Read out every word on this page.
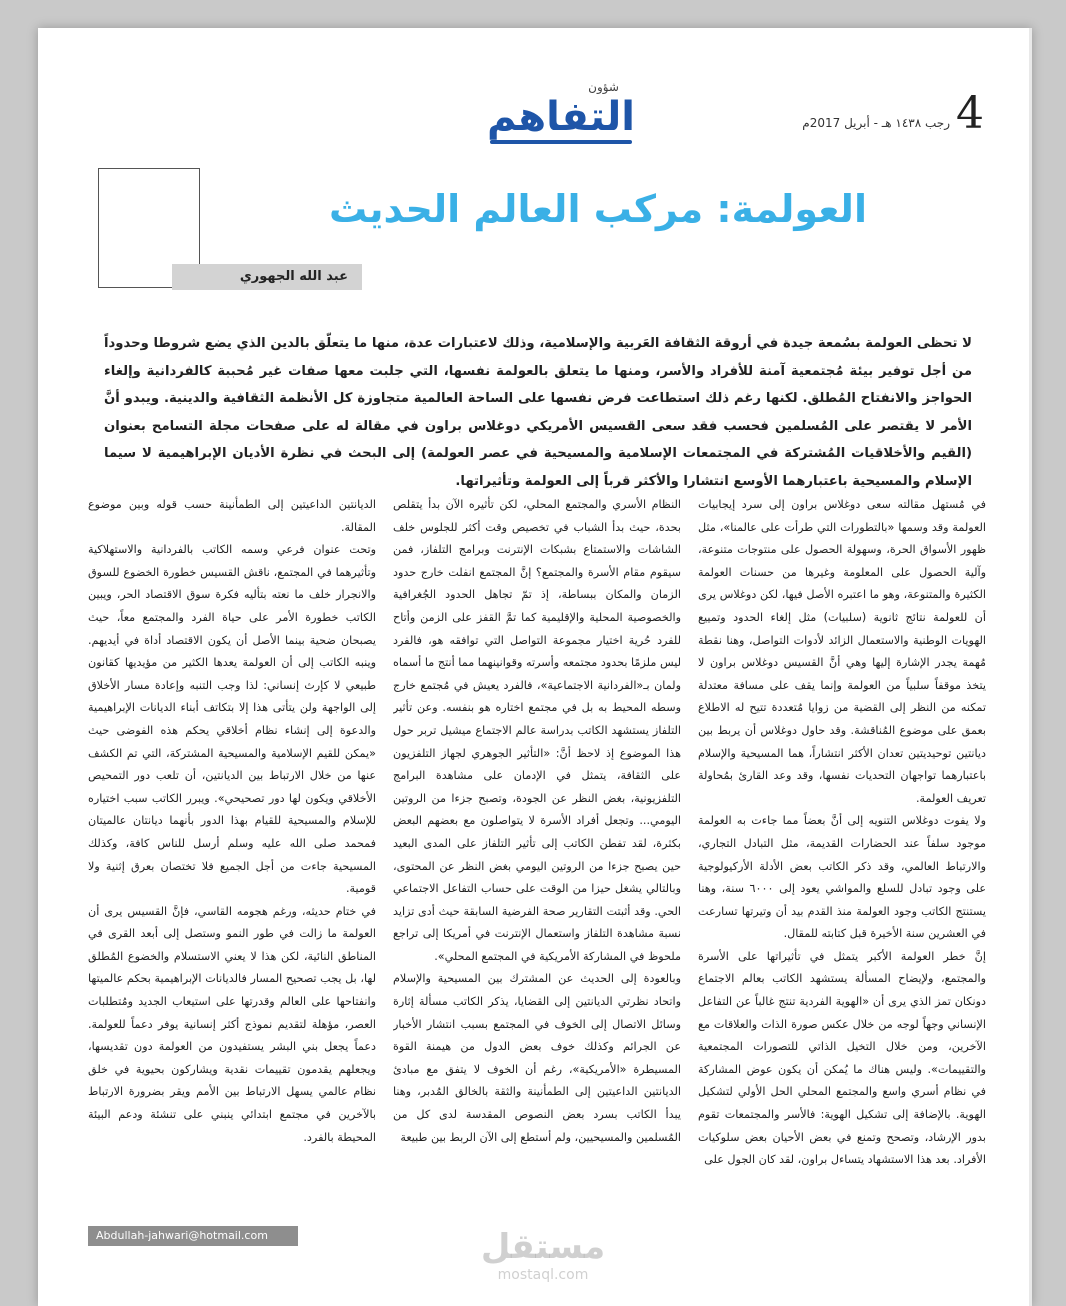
4
رجب ١٤٣٨ هـ - أبريل 2017م
شؤون
التفاهم
عبد الله الجهوري
العولمة: مركب العالم الحديث
لا تحظى العولمة بسُمعة جيدة في أروقة الثقافة العَربية والإسلامية، وذلك لاعتبارات عدة، منها ما يتعلّق بالدين الذي يضع شروطا وحدوداً من أجل توفير بيئة مُجتمعية آمنة للأفراد والأسر، ومنها ما يتعلق بالعولمة نفسها، التي جلبت معها صفات غير مُحببة كالفردانية وإلغاء الحواجز والانفتاح المُطلق. لكنها رغم ذلك استطاعت فرض نفسها على الساحة العالمية متجاوزة كل الأنظمة الثقافية والدينية. ويبدو أنَّ الأمر لا يقتصر على المُسلمين فحسب فقد سعى القسيس الأمريكي دوغلاس براون في مقالة له على صفحات مجلة التسامح بعنوان (القيم والأخلاقيات المُشتركة في المجتمعات الإسلامية والمسيحية في عصر العولمة) إلى البحث في نظرة الأديان الإبراهيمية لا سيما الإسلام والمسيحية باعتبارهما الأوسع انتشارا والأكثر قرباً إلى العولمة وتأثيراتها.

في مُستهل مقالته سعى دوغلاس براون إلى سرد إيجابيات العولمة وقد وسمها «بالتطورات التي طرأت على عالمنا»، مثل ظهور الأسواق الحرة، وسهولة الحصول على منتوجات متنوعة، وآلية الحصول على المعلومة وغيرها من حسنات العولمة الكثيرة والمتنوعة، وهو ما اعتبره الأصل فيها، لكن دوغلاس يرى أن للعولمة نتائج ثانوية (سلبيات) مثل إلغاء الحدود وتمييع الهويات الوطنية والاستعمال الزائد لأدوات التواصل، وهنا نقطة مُهمة يجدر الإشارة إليها وهي أنَّ القسيس دوغلاس براون لا يتخذ موقفاً سلبياً من العولمة وإنما يقف على مسافة معتدلة تمكنه من النظر إلى القضية من زوايا مُتعددة تتيح له الاطلاع بعمق على موضوع المُناقشة. وقد حاول دوغلاس أن يربط بين ديانتين توحيديتين تعدان الأكثر انتشاراً، هما المسيحية والإسلام باعتبارهما تواجهان التحديات نفسها، وقد وعد القارئ بمُحاولة تعريف العولمة.

ولا يفوت دوغلاس التنويه إلى أنَّ بعضاً مما جاءت به العولمة موجود سلفاً عند الحضارات القديمة، مثل التبادل التجاري، والارتباط العالمي، وقد ذكر الكاتب بعض الأدلة الأركيولوجية على وجود تبادل للسلع والمواشي يعود إلى ٦٠٠٠ سنة، وهنا يستنتج الكاتب وجود العولمة منذ القدم بيد أن وتيرتها تسارعت في العشرين سنة الأخيرة قبل كتابته للمقال.

إنَّ خطر العولمة الأكبر يتمثل في تأثيراتها على الأسرة والمجتمع، ولإيضاح المسألة يستشهد الكاتب بعالم الاجتماع دونكان تمز الذي يرى أن «الهوية الفردية تنتج غالباً عن التفاعل الإنساني وجهاً لوجه من خلال عكس صورة الذات والعلاقات مع الآخرين، ومن خلال التخيل الذاتي للتصورات المجتمعية والتقييمات». وليس هناك ما يُمكن أن يكون عوض المشاركة في نظام أسري واسع والمجتمع المحلي الحل الأولي لتشكيل الهوية. بالإضافة إلى تشكيل الهوية: فالأسر والمجتمعات تقوم بدور الإرشاد، وتصحح وتمنع في بعض الأحيان بعض سلوكيات الأفراد. بعد هذا الاستشهاد يتساءل براون، لقد كان الجول على

النظام الأسري والمجتمع المحلي، لكن تأثيره الآن بدأ يتقلص بحدة، حيث بدأ الشباب في تخصيص وقت أكثر للجلوس خلف الشاشات والاستمتاع بشبكات الإنترنت وبرامج التلفاز، فمن سيقوم مقام الأسرة والمجتمع؟ إنَّ المجتمع انفلت خارج حدود الزمان والمكان ببساطة، إذ تمّ تجاهل الحدود الجُغرافية والخصوصية المحلية والإقليمية كما تمَّ القفز على الزمن وأتاح للفرد حُرية اختيار مجموعة التواصل التي توافقه هو، فالفرد ليس ملزمًا بحدود مجتمعه وأسرته وقوانينهما مما أنتج ما أسماه ولمان بـ«الفردانية الاجتماعية»، فالفرد يعيش في مُجتمع خارج وسطه المحيط به بل في مجتمع اختاره هو بنفسه. وعن تأثير التلفاز يستشهد الكاتب بدراسة عالم الاجتماع ميشيل تربر حول هذا الموضوع إذ لاحظ أنَّ: «التأثير الجوهري لجهاز التلفزيون على الثقافة، يتمثل في الإدمان على مشاهدة البرامج التلفزيونية، بغض النظر عن الجودة، وتصبح جزءا من الروتين اليومي... وتجعل أفراد الأسرة لا يتواصلون مع بعضهم البعض بكثرة، لقد تفطن الكاتب إلى تأثير التلفاز على المدى البعيد حين يصبح جزءا من الروتين اليومي بغض النظر عن المحتوى، وبالتالي يشغل حيزا من الوقت على حساب التفاعل الاجتماعي الحي. وقد أثبتت التقارير صحة الفرضية السابقة حيث أدى تزايد نسبة مشاهدة التلفاز واستعمال الإنترنت في أمريكا إلى تراجع ملحوظ في المشاركة الأمريكية في المجتمع المحلي».

وبالعودة إلى الحديث عن المشترك بين المسيحية والإسلام واتحاد نظرتي الديانتين إلى القضايا، يذكر الكاتب مسألة إثارة وسائل الاتصال إلى الخوف في المجتمع بسبب انتشار الأخبار عن الجرائم وكذلك خوف بعض الدول من هيمنة القوة المسيطرة «الأمريكية»، رغم أن الخوف لا يتفق مع مبادئ الديانتين الداعيتين إلى الطمأنينة والثقة بالخالق المُدبر، وهنا يبدأ الكاتب بسرد بعض النصوص المقدسة لدى كل من المُسلمين والمسيحيين، ولم أستطع إلى الآن الربط بين طبيعة

الديانتين الداعيتين إلى الطمأنينة حسب قوله وبين موضوع المقالة.

وتحت عنوان فرعي وسمه الكاتب بالفردانية والاستهلاكية وتأثيرهما في المجتمع، ناقش القسيس خطورة الخضوع للسوق والانجرار خلف ما نعته بتأليه فكرة سوق الاقتصاد الحر، ويبين الكاتب خطورة الأمر على حياة الفرد والمجتمع معاً، حيث يصبحان ضحية بينما الأصل أن يكون الاقتصاد أداة في أيديهم. وينبه الكاتب إلى أن العولمة يعدها الكثير من مؤيديها كقانون طبيعي لا كإرث إنساني: لذا وجب التنبه وإعادة مسار الأخلاق إلى الواجهة ولن يتأتى هذا إلا بتكاتف أبناء الديانات الإبراهيمية والدعوة إلى إنشاء نظام أخلاقي يحكم هذه الفوضى حيث «يمكن للقيم الإسلامية والمسيحية المشتركة، التي تم الكشف عنها من خلال الارتباط بين الديانتين، أن تلعب دور التمحيص الأخلاقي ويكون لها دور تصحيحي». ويبرر الكاتب سبب اختياره للإسلام والمسيحية للقيام بهذا الدور بأنهما ديانتان عالميتان فمحمد صلى الله عليه وسلم أرسل للناس كافة، وكذلك المسيحية جاءت من أجل الجميع فلا تختصان بعرق إثنية ولا قومية.

في ختام حديثه، ورغم هجومه القاسي، فإنَّ القسيس يرى أن العولمة ما زالت في طور النمو وستصل إلى أبعد القرى في المناطق النائية، لكن هذا لا يعني الاستسلام والخضوع المُطلق لها، بل يجب تصحيح المسار فالديانات الإبراهيمية بحكم عالميتها وانفتاحها على العالم وقدرتها على استيعاب الجديد ومُتطلبات العصر، مؤهلة لتقديم نموذج أكثر إنسانية يوفر دعماً للعولمة. دعماً يجعل بني البشر يستفيدون من العولمة دون تقديسها، ويجعلهم يقدمون تقييمات نقدية ويشاركون بحيوية في خلق نظام عالمي يسهل الارتباط بين الأمم ويقر بضرورة الارتباط بالآخرين في مجتمع ابتدائي ينبني على تنشئة ودعم البيئة المحيطة بالفرد.

Abdullah-jahwari@hotmail.com	مستقل
mostaql.com
